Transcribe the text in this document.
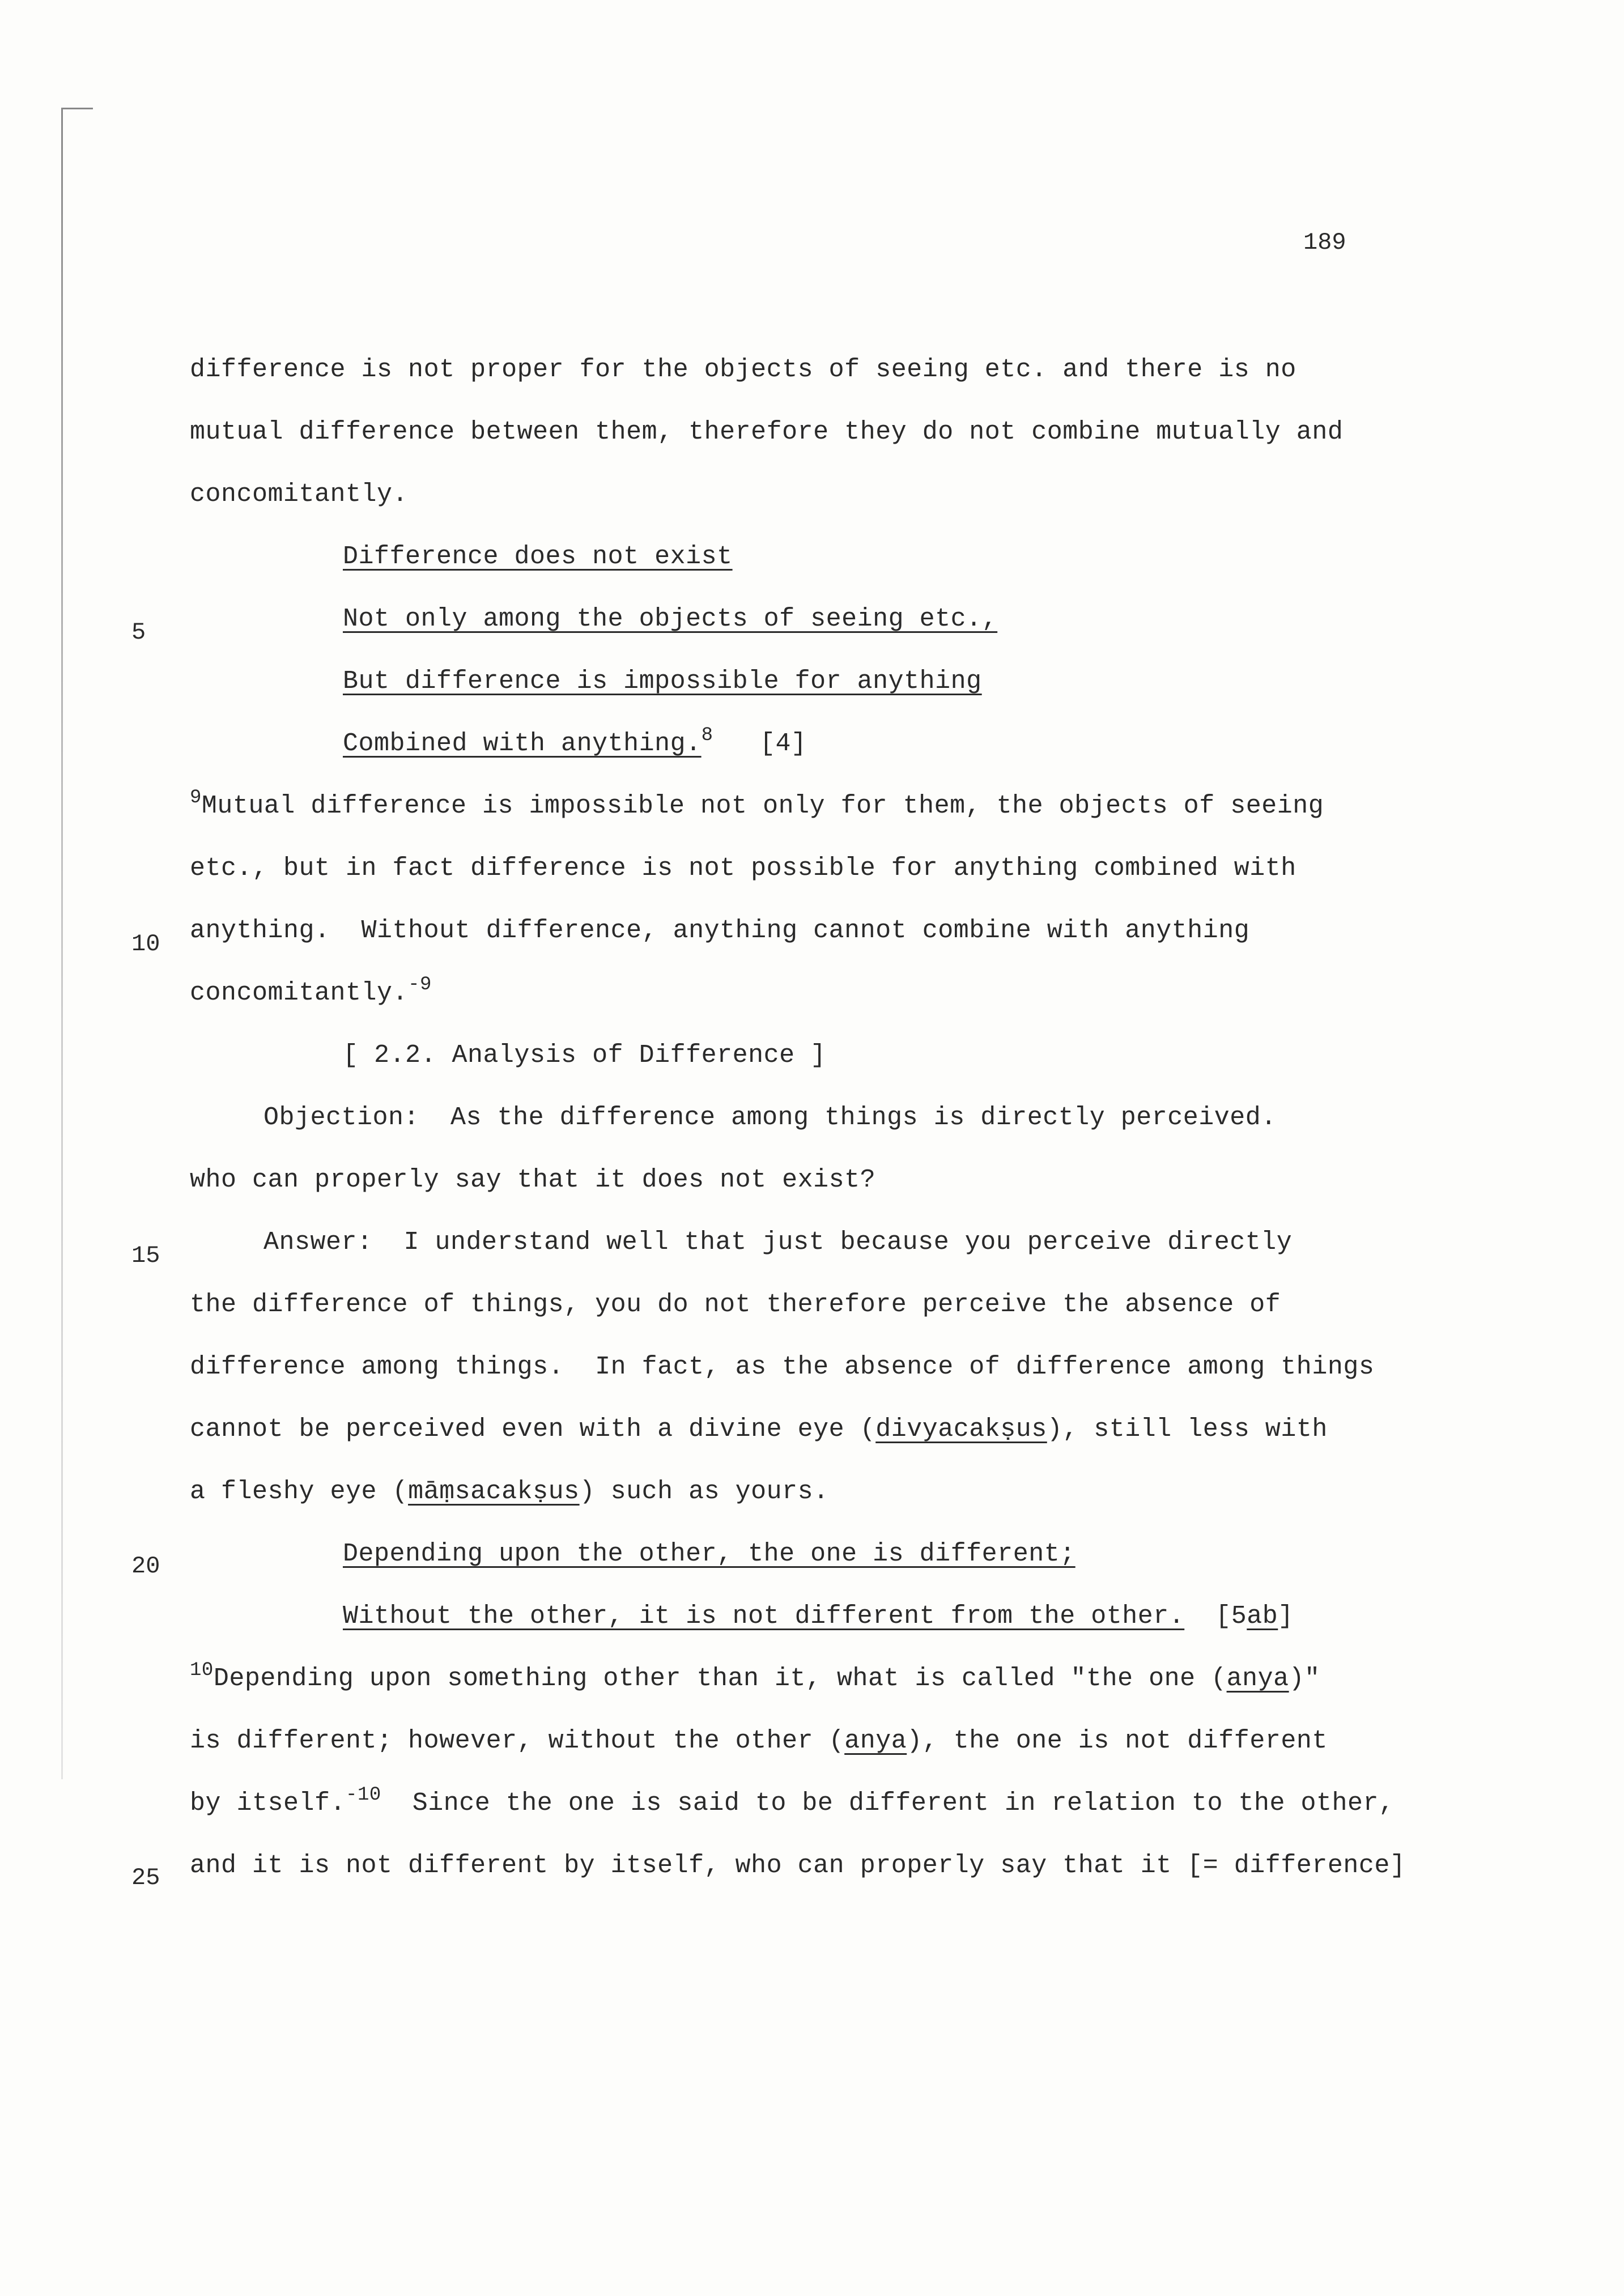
189
5
10
15
20
25
difference is not proper for the objects of seeing etc. and there is no
mutual difference between them, therefore they do not combine mutually and
concomitantly.
Difference does not exist
Not only among the objects of seeing etc.,
But difference is impossible for anything
Combined with anything.$^8$ [4]
$^9$Mutual difference is impossible not only for them, the objects of seeing
etc., but in fact difference is not possible for anything combined with
anything.  Without difference, anything cannot combine with anything
concomitantly.$^{-9}$
[ 2.2. Analysis of Difference ]
Objection:  As the difference among things is directly perceived.
who can properly say that it does not exist?
Answer:  I understand well that just because you perceive directly
the difference of things, you do not therefore perceive the absence of
difference among things.  In fact, as the absence of difference among things
cannot be perceived even with a divine eye (divyacakṣus), still less with
a fleshy eye (māṃsacakṣus) such as yours.
Depending upon the other, the one is different;
Without the other, it is not different from the other. [5ab]
$^{10}$Depending upon something other than it, what is called "the one (anya)"
is different; however, without the other (anya), the one is not different
by itself.$^{-10}$  Since the one is said to be different in relation to the other,
and it is not different by itself, who can properly say that it [= difference]
